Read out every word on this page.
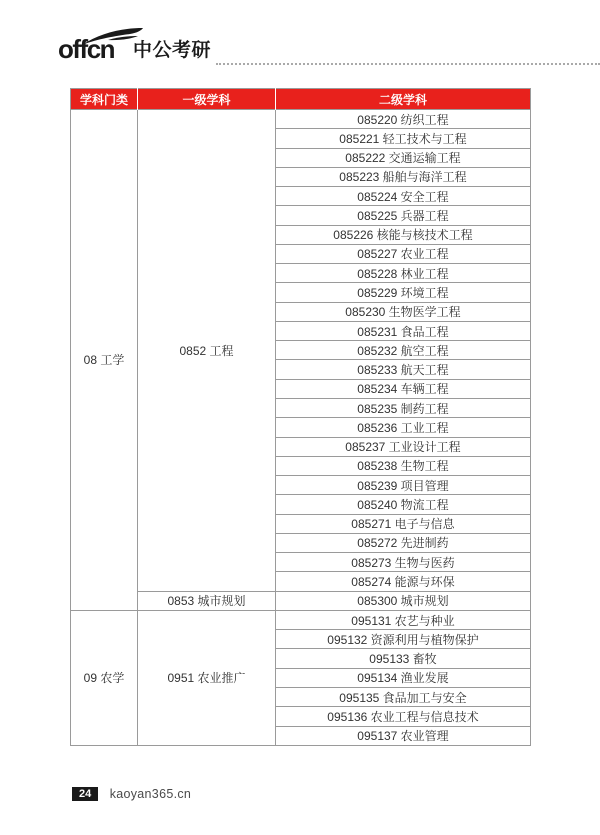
offcn 中公考研
学科门类	一级学科	二级学科
08 工学	0852 工程	085220 纺织工程
		085221 轻工技术与工程
		085222 交通运输工程
		085223 船舶与海洋工程
		085224 安全工程
		085225 兵器工程
		085226 核能与核技术工程
		085227 农业工程
		085228 林业工程
		085229 环境工程
		085230 生物医学工程
		085231 食品工程
		085232 航空工程
		085233 航天工程
		085234 车辆工程
		085235 制药工程
		085236 工业工程
		085237 工业设计工程
		085238 生物工程
		085239 项目管理
		085240 物流工程
		085271 电子与信息
		085272 先进制药
		085273 生物与医药
		085274 能源与环保
	0853 城市规划	085300 城市规划
09 农学	0951 农业推广	095131 农艺与种业
		095132 资源利用与植物保护
		095133 畜牧
		095134 渔业发展
		095135 食品加工与安全
		095136 农业工程与信息技术
		095137 农业管理
24 kaoyan365.cn
